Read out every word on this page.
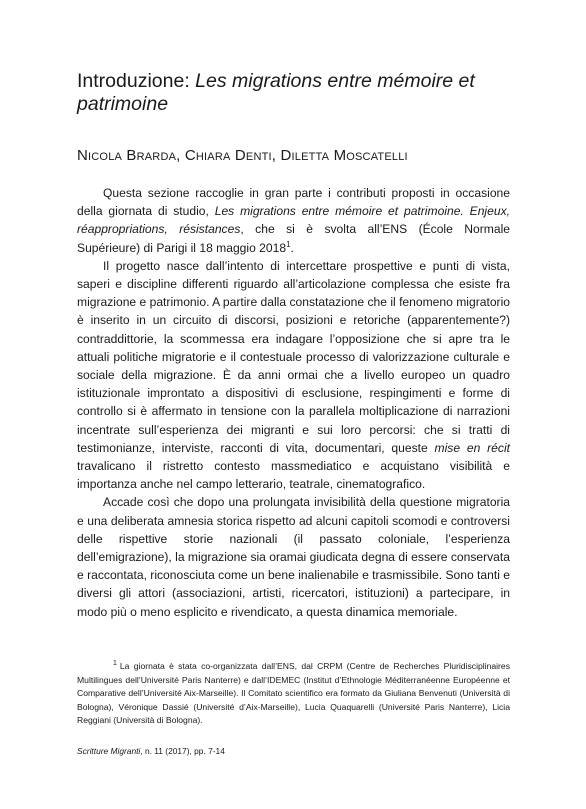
Introduzione: Les migrations entre mémoire et
patrimoine
Nicola Brarda, Chiara Denti, Diletta Moscatelli

Questa sezione raccoglie in gran parte i contributi proposti in occasione della giornata di studio, Les migrations entre mémoire et patrimoine. Enjeux, réappropriations, résistances, che si è svolta all’ENS (École Normale Supérieure) di Parigi il 18 maggio 2018$^1$.

Il progetto nasce dall’intento di intercettare prospettive e punti di vista, saperi e discipline differenti riguardo all’articolazione complessa che esiste fra migrazione e patrimonio. A partire dalla constatazione che il fenomeno migratorio è inserito in un circuito di discorsi, posizioni e retoriche (apparentemente?) contraddittorie, la scommessa era indagare l’opposizione che si apre tra le attuali politiche migratorie e il contestuale processo di valorizzazione culturale e sociale della migrazione. È da anni ormai che a livello europeo un quadro istituzionale improntato a dispositivi di esclusione, respingimenti e forme di controllo si è affermato in tensione con la parallela moltiplicazione di narrazioni incentrate sull’esperienza dei migranti e sui loro percorsi: che si tratti di testimonianze, interviste, racconti di vita, documentari, queste mise en récit travalicano il ristretto contesto massmediatico e acquistano visibilità e importanza anche nel campo letterario, teatrale, cinematografico.

Accade così che dopo una prolungata invisibilità della questione migratoria e una deliberata amnesia storica rispetto ad alcuni capitoli scomodi e controversi delle rispettive storie nazionali (il passato coloniale, l’esperienza dell’emigrazione), la migrazione sia oramai giudicata degna di essere conservata e raccontata, riconosciuta come un bene inalienabile e trasmissibile. Sono tanti e diversi gli attori (associazioni, artisti, ricercatori, istituzioni) a partecipare, in modo più o meno esplicito e rivendicato, a questa dinamica memoriale.

$^1$ La giornata è stata co-organizzata dall’ENS, dal CRPM (Centre de Recherches Pluridisciplinaires Multilingues dell’Université Paris Nanterre) e dall’IDEMEC (Institut d’Ethnologie Méditerranéenne Européenne et Comparative dell’Université Aix-Marseille). Il Comitato scientifico era formato da Giuliana Benvenuti (Università di Bologna), Véronique Dassié (Université d’Aix-Marseille), Lucia Quaquarelli (Université Paris Nanterre), Licia Reggiani (Università di Bologna).

Scritture Migranti, n. 11 (2017), pp. 7-14
